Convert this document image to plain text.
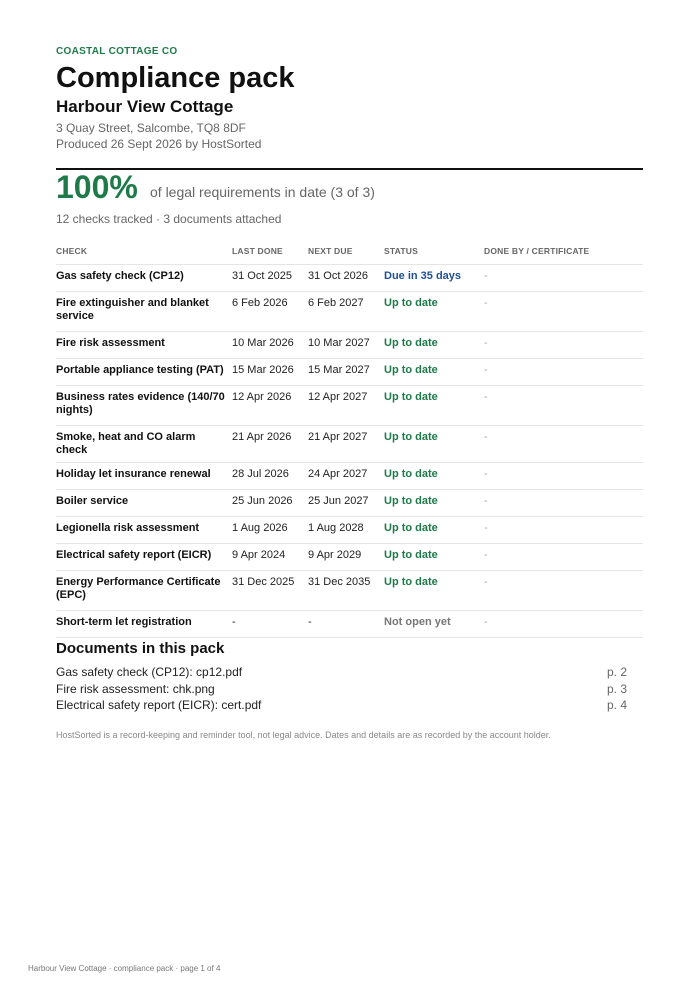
COASTAL COTTAGE CO
Compliance pack
Harbour View Cottage
3 Quay Street, Salcombe, TQ8 8DF
Produced 26 Sept 2026 by HostSorted
100% of legal requirements in date (3 of 3)
12 checks tracked · 3 documents attached
CHECK	LAST DONE	NEXT DUE	STATUS	DONE BY / CERTIFICATE
Gas safety check (CP12)	31 Oct 2025	31 Oct 2026	Due in 35 days	-
Fire extinguisher and blanket service	6 Feb 2026	6 Feb 2027	Up to date	-
Fire risk assessment	10 Mar 2026	10 Mar 2027	Up to date	-
Portable appliance testing (PAT)	15 Mar 2026	15 Mar 2027	Up to date	-
Business rates evidence (140/70 nights)	12 Apr 2026	12 Apr 2027	Up to date	-
Smoke, heat and CO alarm check	21 Apr 2026	21 Apr 2027	Up to date	-
Holiday let insurance renewal	28 Jul 2026	24 Apr 2027	Up to date	-
Boiler service	25 Jun 2026	25 Jun 2027	Up to date	-
Legionella risk assessment	1 Aug 2026	1 Aug 2028	Up to date	-
Electrical safety report (EICR)	9 Apr 2024	9 Apr 2029	Up to date	-
Energy Performance Certificate (EPC)	31 Dec 2025	31 Dec 2035	Up to date	-
Short-term let registration	-	-	Not open yet	-
Documents in this pack
Gas safety check (CP12): cp12.pdf	p. 2
Fire risk assessment: chk.png	p. 3
Electrical safety report (EICR): cert.pdf	p. 4
HostSorted is a record-keeping and reminder tool, not legal advice. Dates and details are as recorded by the account holder.
Harbour View Cottage · compliance pack · page 1 of 4
